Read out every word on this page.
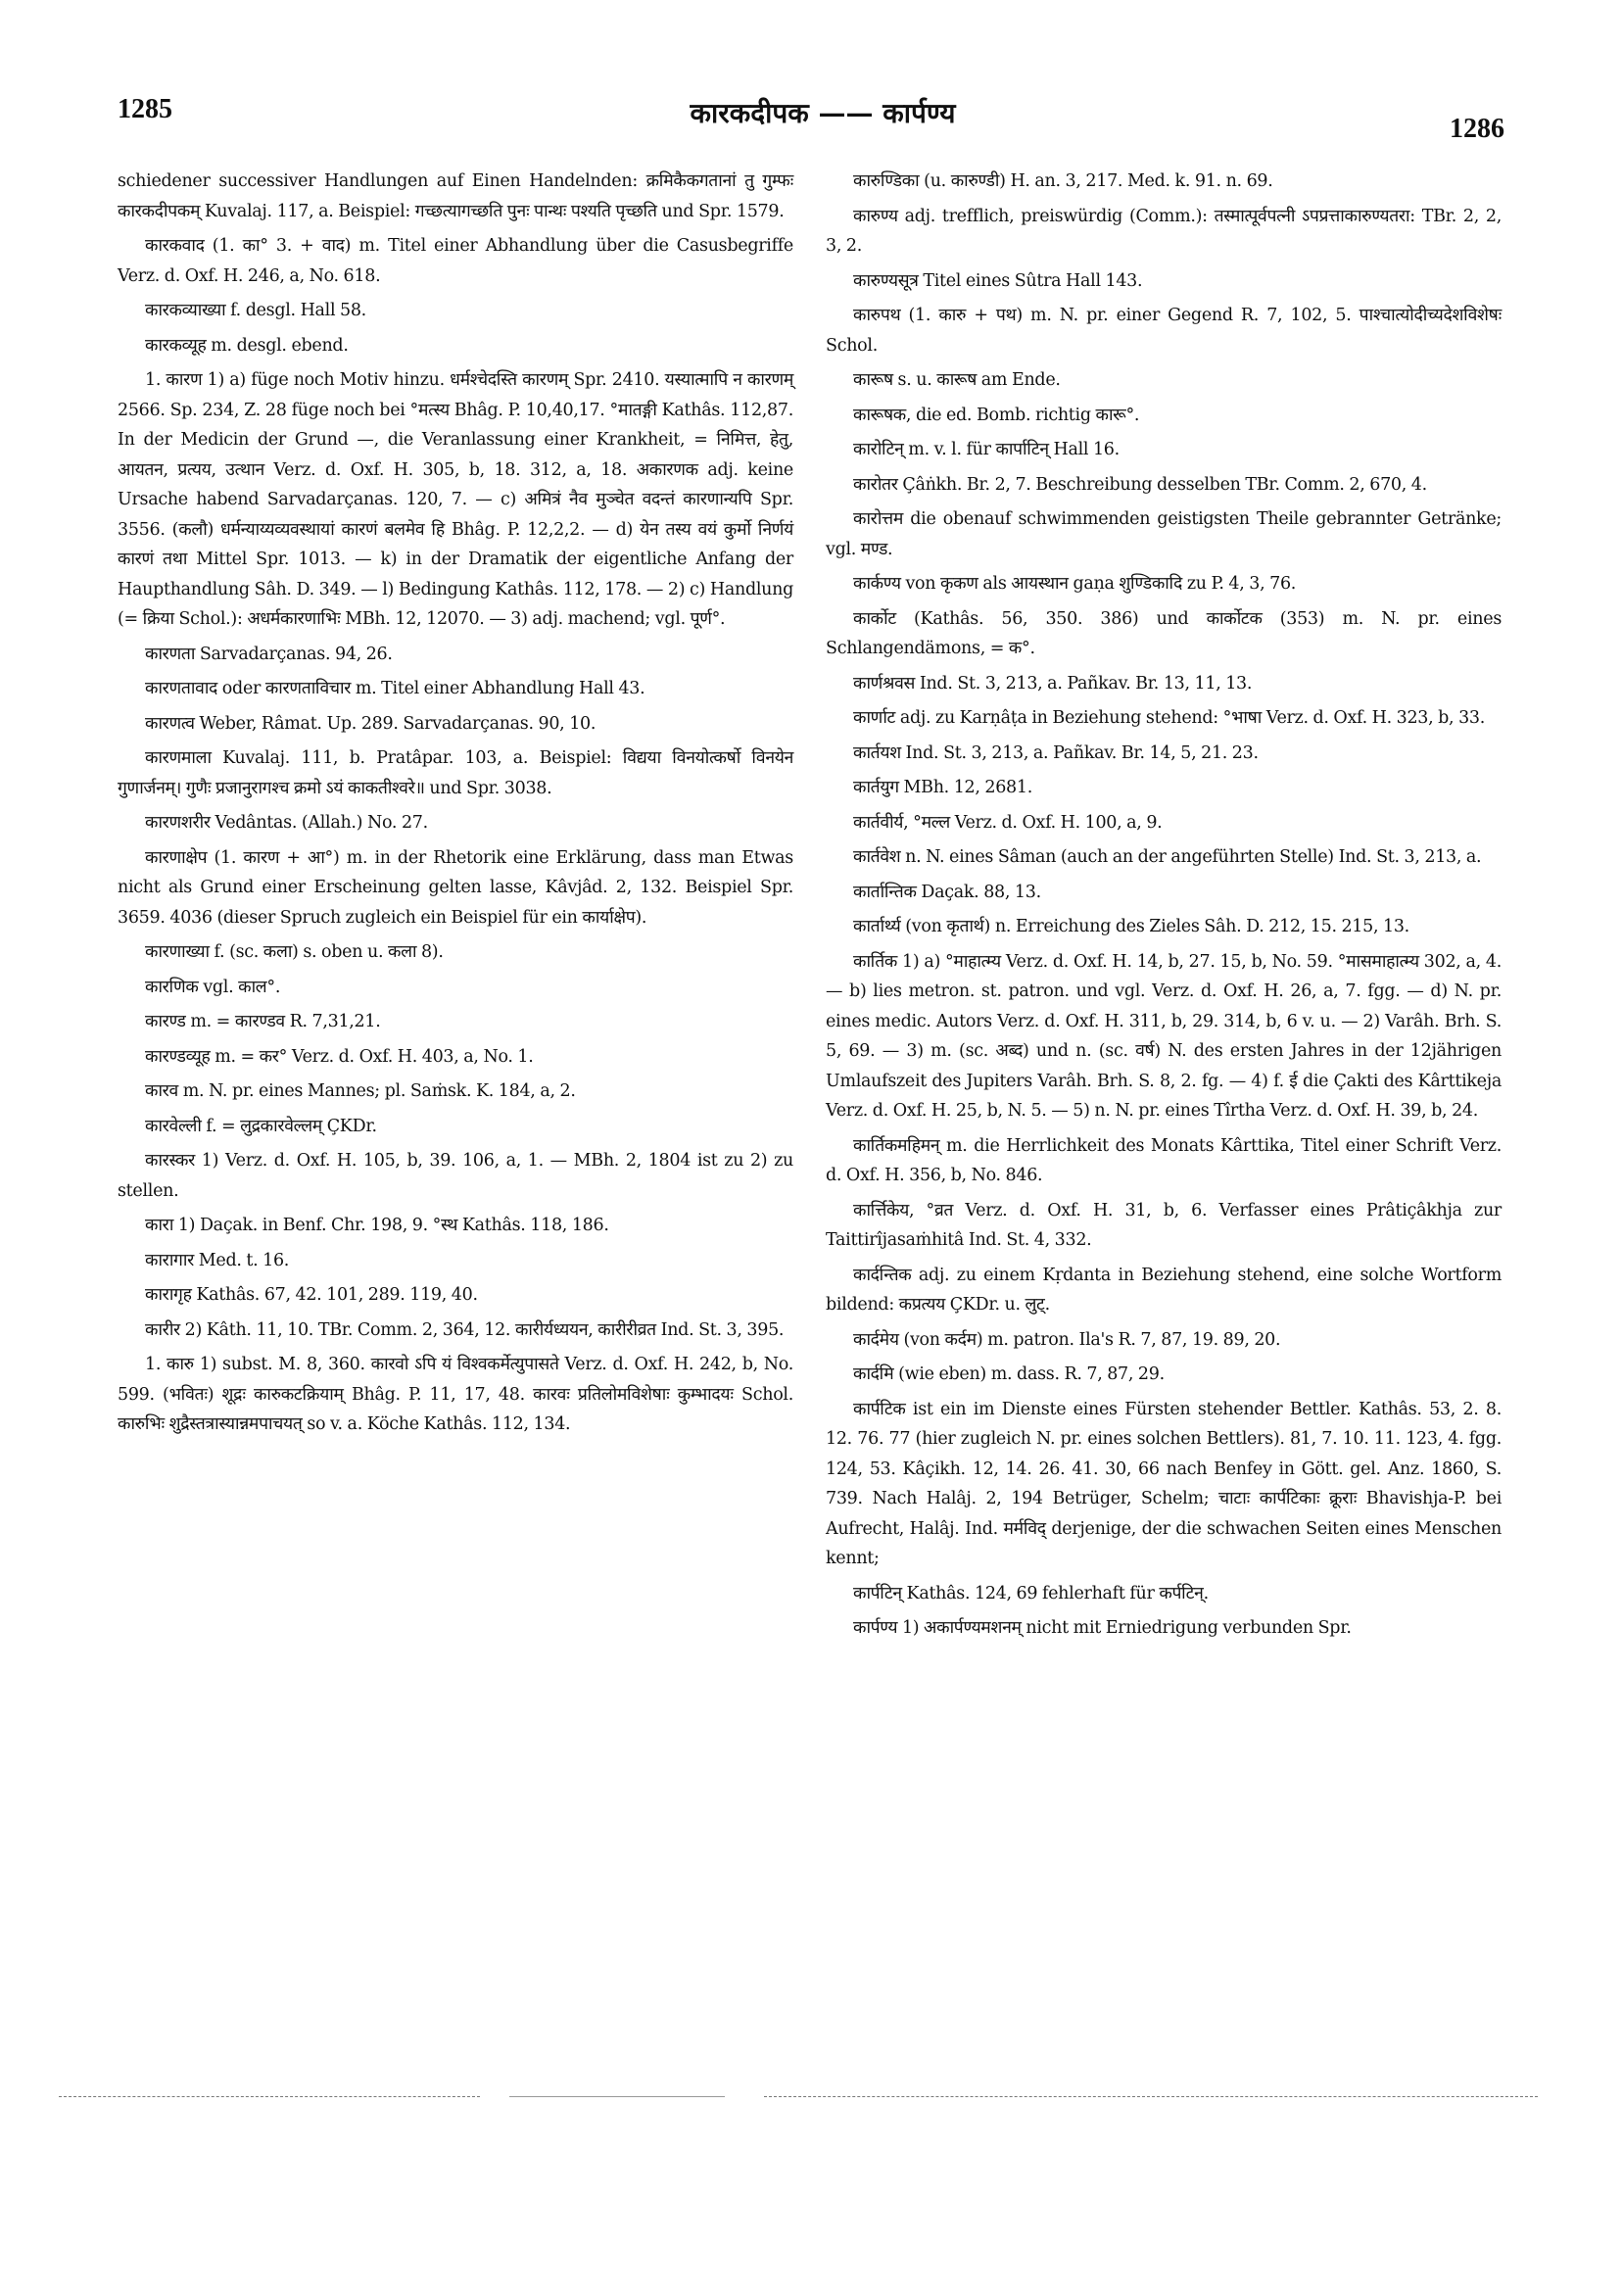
1285	कारकदीपक —— कार्पण्य	1286

schiedener successiver Handlungen auf Einen Handelnden: क्रमिकैकगतानां तु गुम्फः कारकदीपकम् Kuvalaj. 117, a. Beispiel: गच्छत्यागच्छति पुनः पान्थः पश्यति पृच्छति und Spr. 1579.

कारकवाद (1. का° 3. + वाद) m. Titel einer Abhandlung über die Casusbegriffe Verz. d. Oxf. H. 246, a, No. 618.

कारकव्याख्या f. desgl. Hall 58.

कारकव्यूह m. desgl. ebend.

1. कारण 1) a) füge noch Motiv hinzu. धर्मश्चेदस्ति कारणम् Spr. 2410. यस्यात्मापि न कारणम् 2566. Sp. 234, Z. 28 füge noch bei °मत्स्य Bhâg. P. 10,40,17. °मातङ्गी Kathâs. 112,87. In der Medicin der Grund —, die Veranlassung einer Krankheit, = निमित्त, हेतु, आयतन, प्रत्यय, उत्थान Verz. d. Oxf. H. 305, b, 18. 312, a, 18. अकारणक adj. keine Ursache habend Sarvadarçanas. 120, 7. — c) अमित्रं नैव मुञ्चेत वदन्तं कारणान्यपि Spr. 3556. (कलौ) धर्मन्याय्यव्यवस्थायां कारणं बलमेव हि Bhâg. P. 12,2,2. — d) येन तस्य वयं कुर्मो निर्णयं कारणं तथा Mittel Spr. 1013. — k) in der Dramatik der eigentliche Anfang der Haupthandlung Sâh. D. 349. — l) Bedingung Kathâs. 112, 178. — 2) c) Handlung (= क्रिया Schol.): अधर्मकारणाभिः MBh. 12, 12070. — 3) adj. machend; vgl. पूर्ण°.

कारणता Sarvadarçanas. 94, 26.

कारणतावाद oder कारणताविचार m. Titel einer Abhandlung Hall 43.

कारणत्व Weber, Râmat. Up. 289. Sarvadarçanas. 90, 10.

कारणमाला Kuvalaj. 111, b. Pratâpar. 103, a. Beispiel: विद्यया विनयोत्कर्षो विनयेन गुणार्जनम्। गुणैः प्रजानुरागश्च क्रमो ऽयं काकतीश्वरे॥ und Spr. 3038.

कारणशरीर Vedântas. (Allah.) No. 27.

कारणाक्षेप (1. कारण + आ°) m. in der Rhetorik eine Erklärung, dass man Etwas nicht als Grund einer Erscheinung gelten lasse, Kâvjâd. 2, 132. Beispiel Spr. 3659. 4036 (dieser Spruch zugleich ein Beispiel für ein कार्याक्षेप).

कारणाख्या f. (sc. कला) s. oben u. कला 8).

कारणिक vgl. काल°.

कारण्ड m. = कारण्डव R. 7,31,21.

कारण्डव्यूह m. = कर° Verz. d. Oxf. H. 403, a, No. 1.

कारव m. N. pr. eines Mannes; pl. Saṁsk. K. 184, a, 2.

कारवेल्ली f. = लुद्रकारवेल्लम् ÇKDr.

कारस्कर 1) Verz. d. Oxf. H. 105, b, 39. 106, a, 1. — MBh. 2, 1804 ist zu 2) zu stellen.

कारा 1) Daçak. in Benf. Chr. 198, 9. °स्थ Kathâs. 118, 186.

कारागार Med. t. 16.

कारागृह Kathâs. 67, 42. 101, 289. 119, 40.

कारीर 2) Kâth. 11, 10. TBr. Comm. 2, 364, 12. कारीर्यध्ययन, कारीरीव्रत Ind. St. 3, 395.

1. कारु 1) subst. M. 8, 360. कारवो ऽपि यं विश्वकर्मेत्युपासते Verz. d. Oxf. H. 242, b, No. 599. (भवितः) शूद्रः कारुकटक्रियाम् Bhâg. P. 11, 17, 48. कारवः प्रतिलोमविशेषाः कुम्भादयः Schol. कारुभिः शुद्रैस्तत्रास्यान्नमपाचयत् so v. a. Köche Kathâs. 112, 134.

कारुण्डिका (u. कारुण्डी) H. an. 3, 217. Med. k. 91. n. 69.

कारुण्य adj. trefflich, preiswürdig (Comm.): तस्मात्पूर्वपत्नी ऽपप्रत्ताकारुण्यतरा: TBr. 2, 2, 3, 2.

कारुण्यसूत्र Titel eines Sûtra Hall 143.

कारुपथ (1. कारु + पथ) m. N. pr. einer Gegend R. 7, 102, 5. पाश्चात्योदीच्यदेशविशेषः Schol.

कारूष s. u. कारूष am Ende.

कारूषक, die ed. Bomb. richtig कारू°.

कारोटिन् m. v. l. für कार्पाटिन् Hall 16.

कारोतर Çâṅkh. Br. 2, 7. Beschreibung desselben TBr. Comm. 2, 670, 4.

कारोत्तम die obenauf schwimmenden geistigsten Theile gebrannter Getränke; vgl. मण्ड.

कार्कण्य von कृकण als आयस्थान gaṇa शुण्डिकादि zu P. 4, 3, 76.

कार्कोट (Kathâs. 56, 350. 386) und कार्कोटक (353) m. N. pr. eines Schlangendämons, = क°.

कार्णश्रवस Ind. St. 3, 213, a. Pañkav. Br. 13, 11, 13.

कार्णाट adj. zu Karṇâṭa in Beziehung stehend: °भाषा Verz. d. Oxf. H. 323, b, 33.

कार्तयश Ind. St. 3, 213, a. Pañkav. Br. 14, 5, 21. 23.

कार्तयुग MBh. 12, 2681.

कार्तवीर्य, °मल्ल Verz. d. Oxf. H. 100, a, 9.

कार्तवेश n. N. eines Sâman (auch an der angeführten Stelle) Ind. St. 3, 213, a.

कार्तान्तिक Daçak. 88, 13.

कार्तार्थ्य (von कृतार्थ) n. Erreichung des Zieles Sâh. D. 212, 15. 215, 13.

कार्तिक 1) a) °माहात्म्य Verz. d. Oxf. H. 14, b, 27. 15, b, No. 59. °मासमाहात्म्य 302, a, 4. — b) lies metron. st. patron. und vgl. Verz. d. Oxf. H. 26, a, 7. fgg. — d) N. pr. eines medic. Autors Verz. d. Oxf. H. 311, b, 29. 314, b, 6 v. u. — 2) Varâh. Brh. S. 5, 69. — 3) m. (sc. अब्द) und n. (sc. वर्ष) N. des ersten Jahres in der 12jährigen Umlaufszeit des Jupiters Varâh. Brh. S. 8, 2. fg. — 4) f. ई die Çakti des Kârttikeja Verz. d. Oxf. H. 25, b, N. 5. — 5) n. N. pr. eines Tîrtha Verz. d. Oxf. H. 39, b, 24.

कार्तिकमहिमन् m. die Herrlichkeit des Monats Kârttika, Titel einer Schrift Verz. d. Oxf. H. 356, b, No. 846.

कार्त्तिकेय, °व्रत Verz. d. Oxf. H. 31, b, 6. Verfasser eines Prâtiçâkhja zur Taittirîjasaṁhitâ Ind. St. 4, 332.

कार्दन्तिक adj. zu einem Kṛdanta in Beziehung stehend, eine solche Wortform bildend: कप्रत्यय ÇKDr. u. लुट्.

कार्दमेय (von कर्दम) m. patron. Ila's R. 7, 87, 19. 89, 20.

कार्दमि (wie eben) m. dass. R. 7, 87, 29.

कार्पटिक ist ein im Dienste eines Fürsten stehender Bettler. Kathâs. 53, 2. 8. 12. 76. 77 (hier zugleich N. pr. eines solchen Bettlers). 81, 7. 10. 11. 123, 4. fgg. 124, 53. Kâçikh. 12, 14. 26. 41. 30, 66 nach Benfey in Gött. gel. Anz. 1860, S. 739. Nach Halâj. 2, 194 Betrüger, Schelm; चाटाः कार्पटिकाः क्रूराः Bhavishja-P. bei Aufrecht, Halâj. Ind. मर्मविद् derjenige, der die schwachen Seiten eines Menschen kennt;

कार्पटिन् Kathâs. 124, 69 fehlerhaft für कर्पटिन्.

कार्पण्य 1) अकार्पण्यमशनम् nicht mit Erniedrigung verbunden Spr.
